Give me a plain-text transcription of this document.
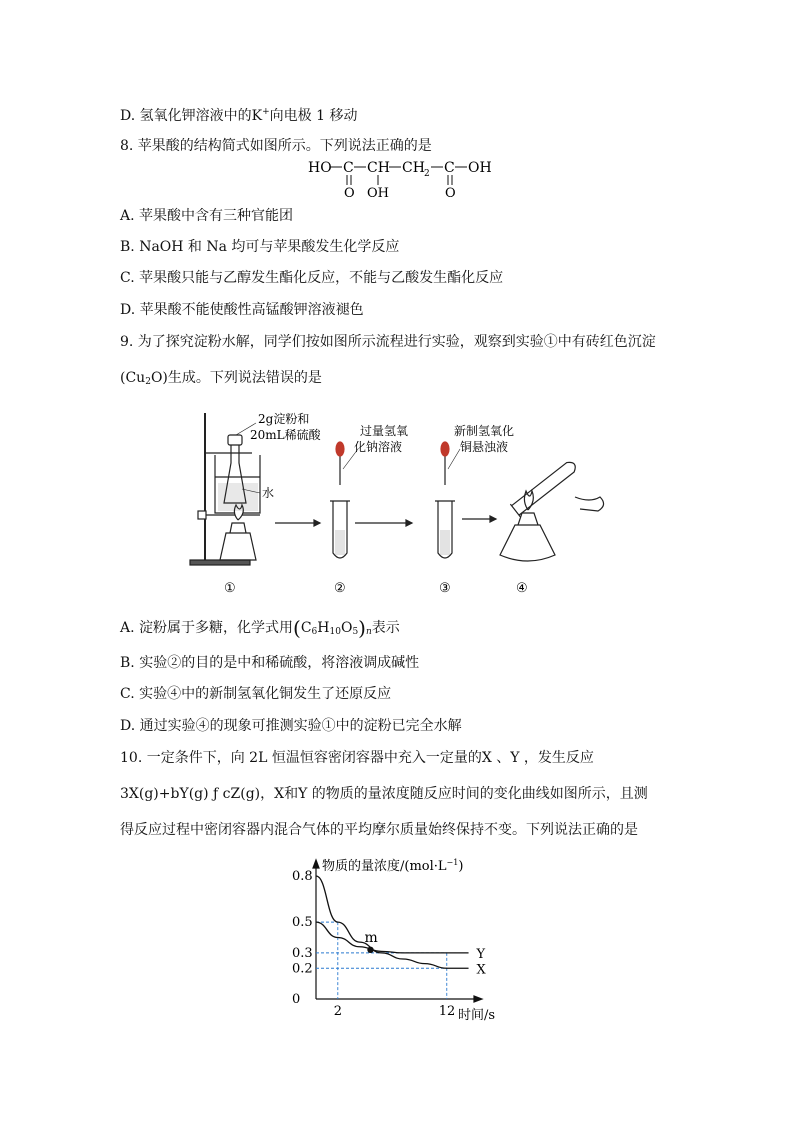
D. 氢氧化钾溶液中的K+向电极 1 移动
8. 苹果酸的结构简式如图所示。下列说法正确的是
HO C CH CH 2 C OH
O OH	O
A. 苹果酸中含有三种官能团
B. NaOH 和 Na 均可与苹果酸发生化学反应
C. 苹果酸只能与乙醇发生酯化反应，不能与乙酸发生酯化反应
D. 苹果酸不能使酸性高锰酸钾溶液褪色
9. 为了探究淀粉水解，同学们按如图所示流程进行实验，观察到实验①中有砖红色沉淀
(Cu2O)生成。下列说法错误的是
2g淀粉和
20mL稀硫酸
水
过量氢氧
化钠溶液
新制氢氧化
铜悬浊液
①	②	③	④
A. 淀粉属于多糖，化学式用(C6H10O5)n表示
B. 实验②的目的是中和稀硫酸，将溶液调成碱性
C. 实验④中的新制氢氧化铜发生了还原反应
D. 通过实验④的现象可推测实验①中的淀粉已完全水解
10. 一定条件下，向 2L 恒温恒容密闭容器中充入一定量的X 、Y ，发生反应
3X(g)+bY(g) ƒ cZ(g)，X和Y 的物质的量浓度随反应时间的变化曲线如图所示，且测
得反应过程中密闭容器内混合气体的平均摩尔质量始终保持不变。下列说法正确的是
物质的量浓度$/(mol\cdot L^{-1})$
时间/s
0.8
0.5
0.3
0.2
0
2	12
X
Y
m
